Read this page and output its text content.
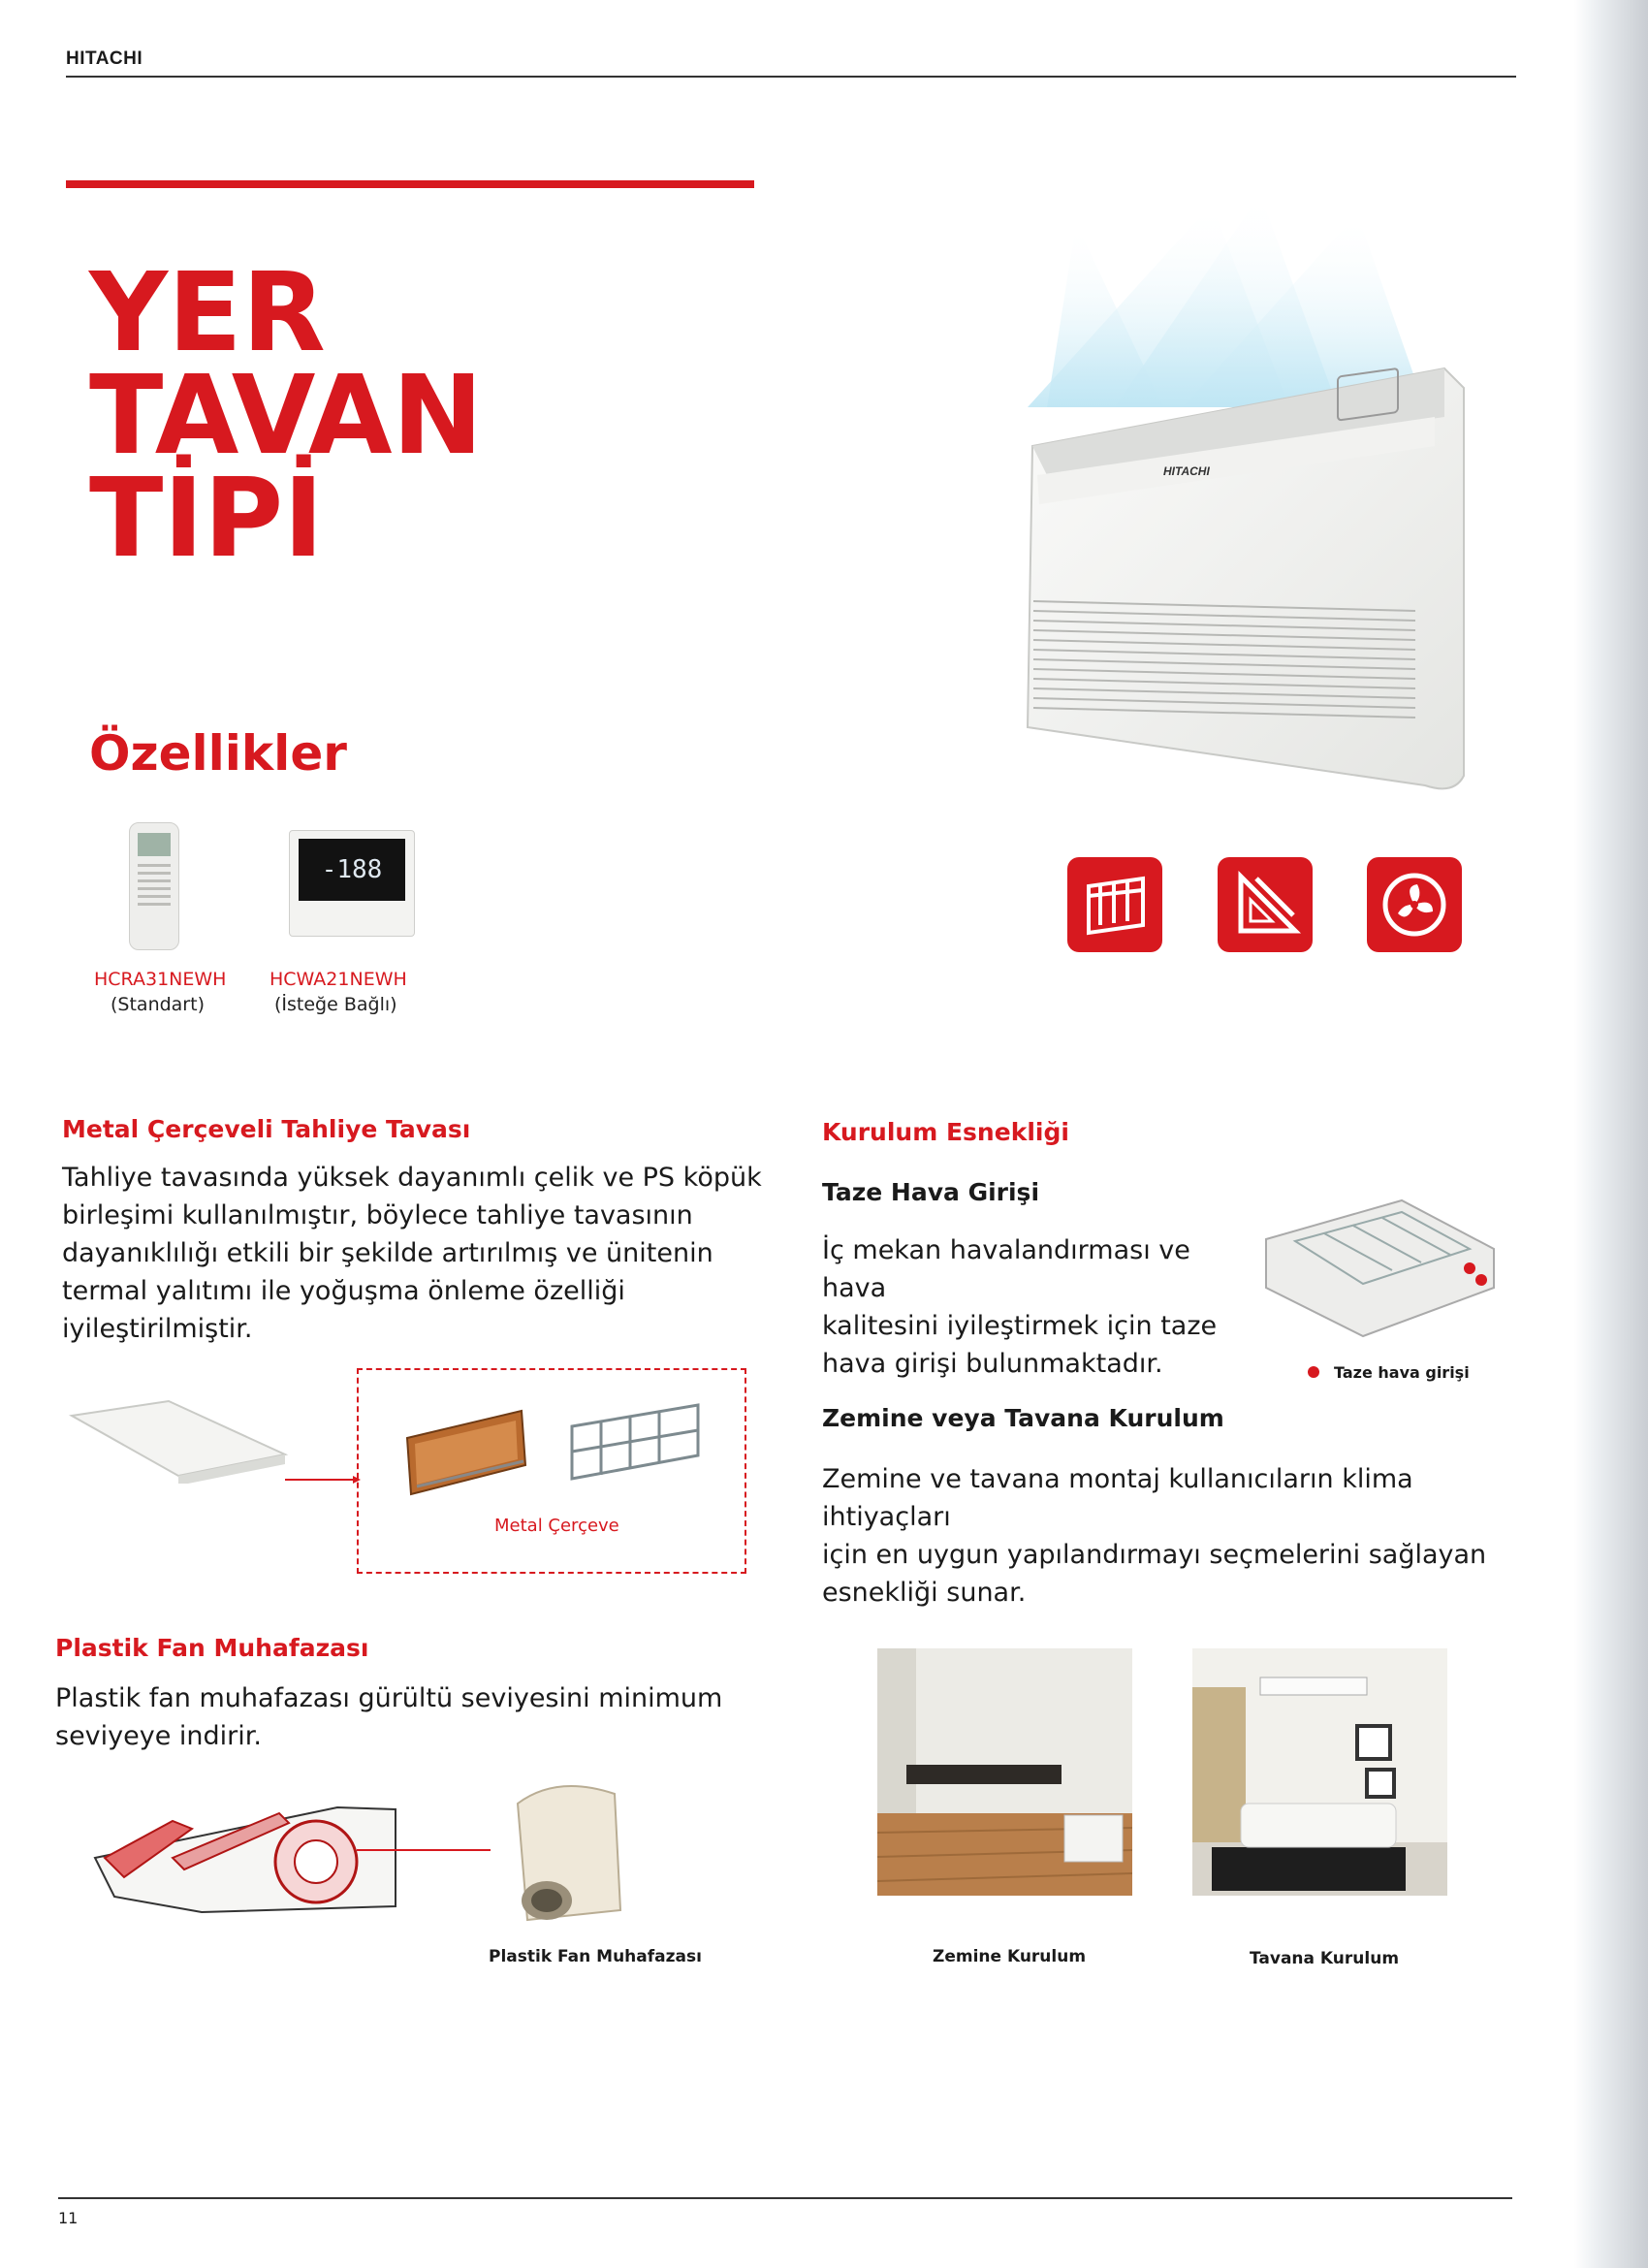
HITACHI
YER
TAVAN
TİPİ
Özellikler
HITACHI
-188
HCRA31NEWH
(Standart)
HCWA21NEWH
(İsteğe Bağlı)
Metal Çerçeveli Tahliye Tavası
Tahliye tavasında yüksek dayanımlı çelik ve PS köpük
birleşimi kullanılmıştır, böylece tahliye tavasının
dayanıklılığı etkili bir şekilde artırılmış ve ünitenin
termal yalıtımı ile yoğuşma önleme özelliği iyileştirilmiştir.
Metal Çerçeve
Plastik Fan Muhafazası
Plastik fan muhafazası gürültü seviyesini minimum
seviyeye indirir.
Plastik Fan Muhafazası
Kurulum Esnekliği
Taze Hava Girişi
İç mekan havalandırması ve hava
kalitesini iyileştirmek için taze
hava girişi bulunmaktadır.	Taze hava girişi
Zemine veya Tavana Kurulum
Zemine ve tavana montaj kullanıcıların klima ihtiyaçları
için en uygun yapılandırmayı seçmelerini sağlayan
esnekliği sunar.
Zemine Kurulum	Tavana Kurulum
11
